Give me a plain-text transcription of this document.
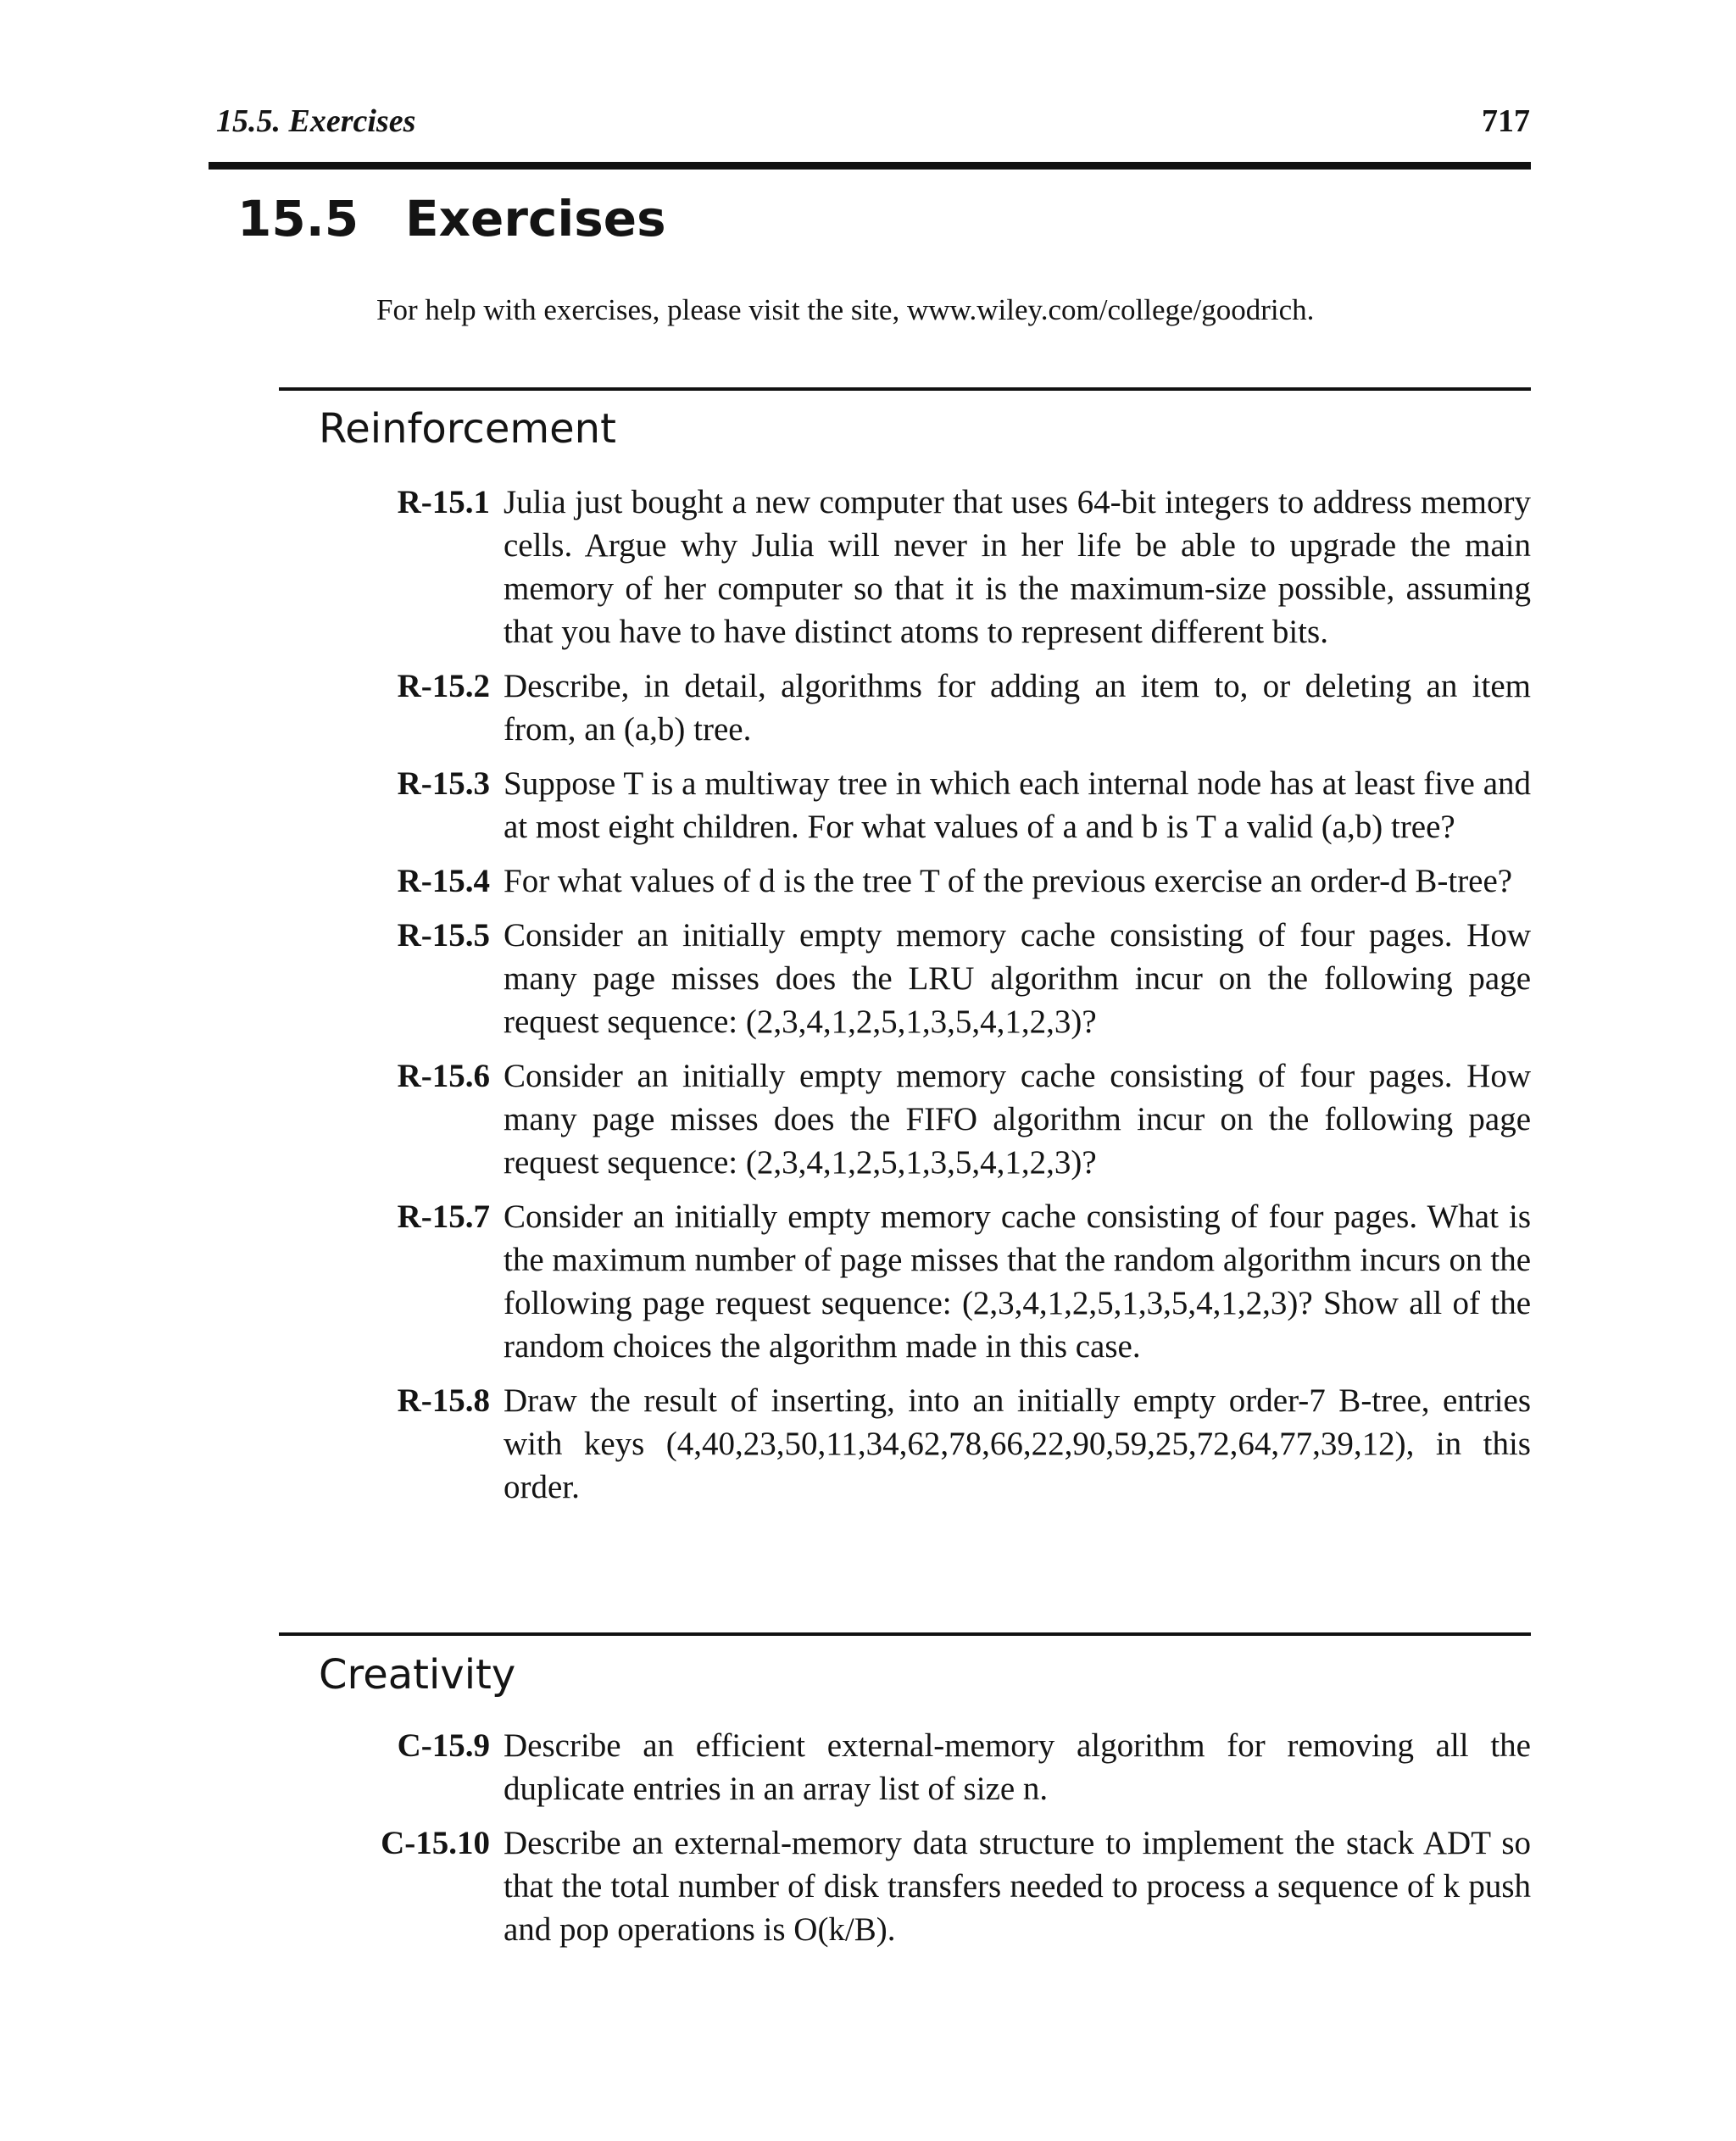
15.5. Exercises	717
15.5 Exercises
For help with exercises, please visit the site, www.wiley.com/college/goodrich.
Reinforcement
R-15.1 Julia just bought a new computer that uses 64-bit integers to address memory cells. Argue why Julia will never in her life be able to upgrade the main memory of her computer so that it is the maximum-size possible, assuming that you have to have distinct atoms to represent different bits.
R-15.2 Describe, in detail, algorithms for adding an item to, or deleting an item from, an (a,b) tree.
R-15.3 Suppose T is a multiway tree in which each internal node has at least five and at most eight children. For what values of a and b is T a valid (a,b) tree?
R-15.4 For what values of d is the tree T of the previous exercise an order-d B-tree?
R-15.5 Consider an initially empty memory cache consisting of four pages. How many page misses does the LRU algorithm incur on the following page request sequence: (2,3,4,1,2,5,1,3,5,4,1,2,3)?
R-15.6 Consider an initially empty memory cache consisting of four pages. How many page misses does the FIFO algorithm incur on the following page request sequence: (2,3,4,1,2,5,1,3,5,4,1,2,3)?
R-15.7 Consider an initially empty memory cache consisting of four pages. What is the maximum number of page misses that the random algorithm incurs on the following page request sequence: (2,3,4,1,2,5,1,3,5,4,1,2,3)? Show all of the random choices the algorithm made in this case.
R-15.8 Draw the result of inserting, into an initially empty order-7 B-tree, entries with keys (4,40,23,50,11,34,62,78,66,22,90,59,25,72,64,77,39,12), in this order.
Creativity
C-15.9 Describe an efficient external-memory algorithm for removing all the duplicate entries in an array list of size n.
C-15.10 Describe an external-memory data structure to implement the stack ADT so that the total number of disk transfers needed to process a sequence of k push and pop operations is O(k/B).
